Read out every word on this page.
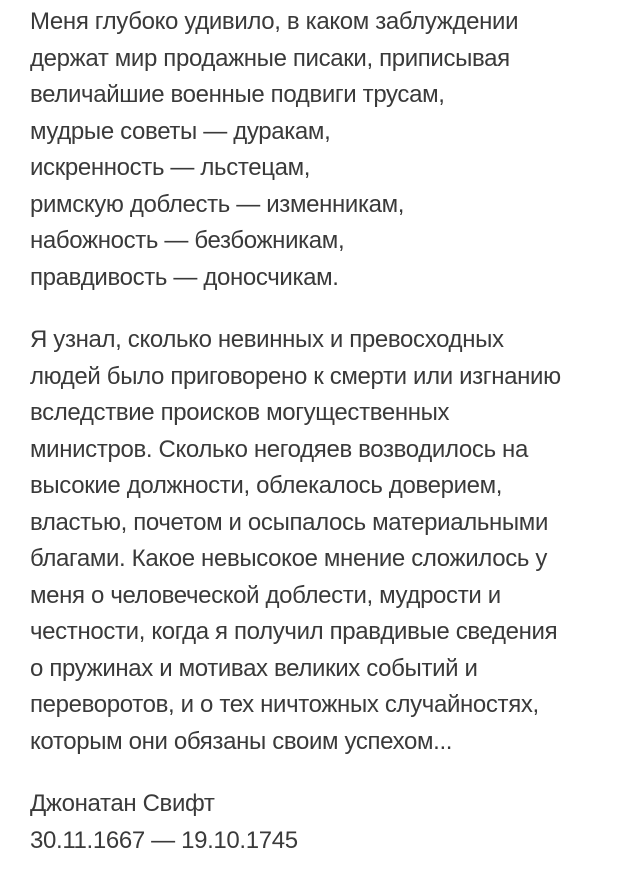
Меня глубоко удивило, в каком заблуждении
держат мир продажные писаки, приписывая
величайшие военные подвиги трусам,
мудрые советы — дуракам,
искренность — льстецам,
римскую доблесть — изменникам,
набожность — безбожникам,
правдивость — доносчикам.

Я узнал, сколько невинных и превосходных
людей было приговорено к смерти или изгнанию
вследствие происков могущественных
министров. Сколько негодяев возводилось на
высокие должности, облекалось доверием,
властью, почетом и осыпалось материальными
благами. Какое невысокое мнение сложилось у
меня о человеческой доблести, мудрости и
честности, когда я получил правдивые сведения
о пружинах и мотивах великих событий и
переворотов, и о тех ничтожных случайностях,
которым они обязаны своим успехом...

Джонатан Свифт
30.11.1667 — 19.10.1745
